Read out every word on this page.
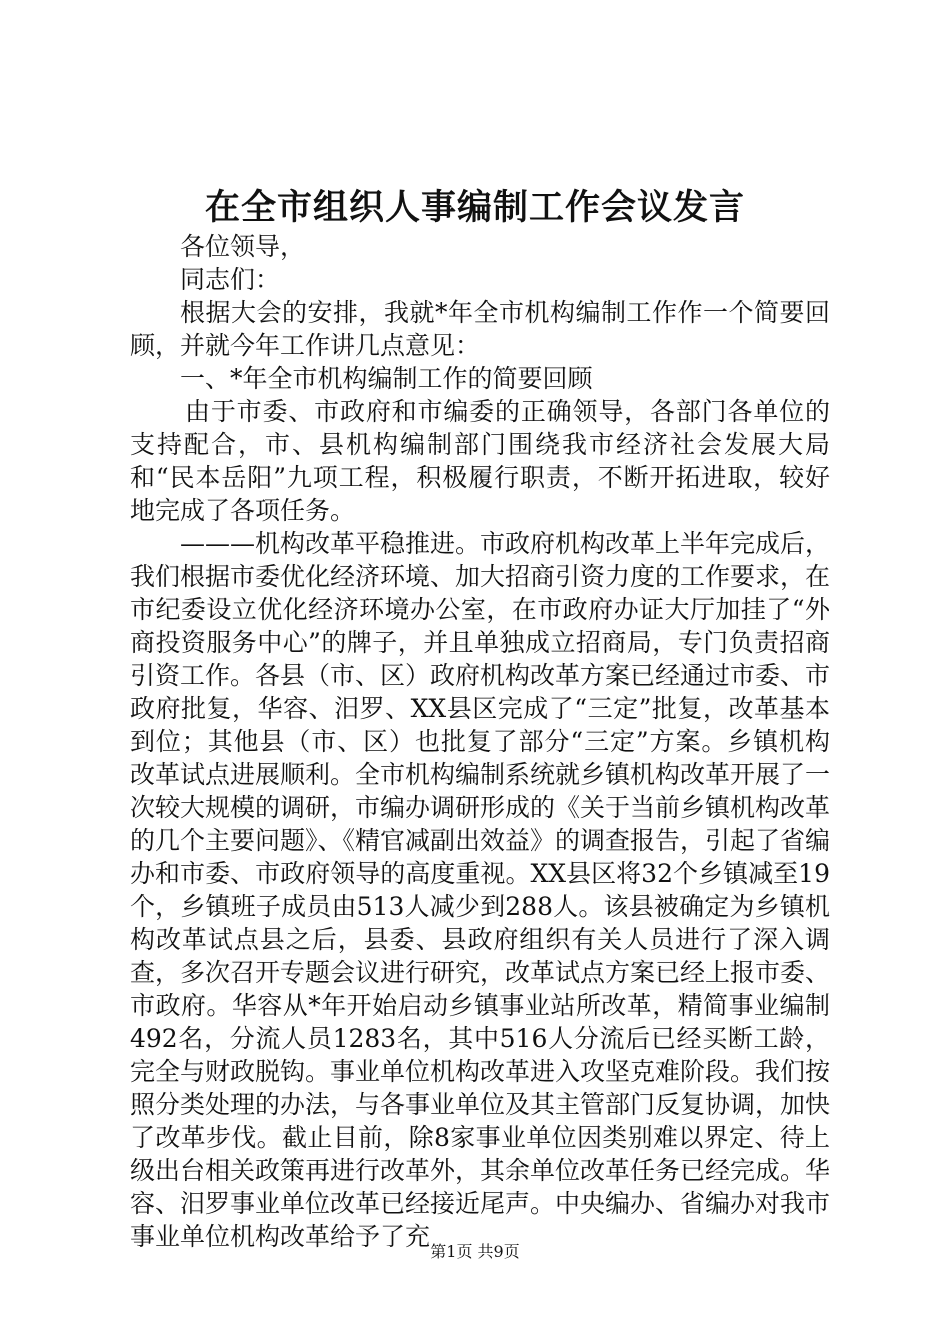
在全市组织人事编制工作会议发言

各位领导，

同志们：

根据大会的安排，我就*年全市机构编制工作作一个简要回顾，并就今年工作讲几点意见：

一、*年全市机构编制工作的简要回顾

由于市委、市政府和市编委的正确领导，各部门各单位的支持配合，市、县机构编制部门围绕我市经济社会发展大局和“民本岳阳”九项工程，积极履行职责，不断开拓进取，较好地完成了各项任务。

———机构改革平稳推进。市政府机构改革上半年完成后，我们根据市委优化经济环境、加大招商引资力度的工作要求，在市纪委设立优化经济环境办公室，在市政府办证大厅加挂了“外商投资服务中心”的牌子，并且单独成立招商局，专门负责招商引资工作。各县（市、区）政府机构改革方案已经通过市委、市政府批复，华容、汨罗、XX县区完成了“三定”批复，改革基本到位；其他县（市、区）也批复了部分“三定”方案。乡镇机构改革试点进展顺利。全市机构编制系统就乡镇机构改革开展了一次较大规模的调研，市编办调研形成的《关于当前乡镇机构改革的几个主要问题》、《精官减副出效益》的调查报告，引起了省编办和市委、市政府领导的高度重视。XX县区将32个乡镇减至19个，乡镇班子成员由513人减少到288人。该县被确定为乡镇机构改革试点县之后，县委、县政府组织有关人员进行了深入调查，多次召开专题会议进行研究，改革试点方案已经上报市委、市政府。华容从*年开始启动乡镇事业站所改革，精简事业编制492名，分流人员1283名，其中516人分流后已经买断工龄，完全与财政脱钩。事业单位机构改革进入攻坚克难阶段。我们按照分类处理的办法，与各事业单位及其主管部门反复协调，加快了改革步伐。截止目前，除8家事业单位因类别难以界定、待上级出台相关政策再进行改革外，其余单位改革任务已经完成。华容、汨罗事业单位改革已经接近尾声。中央编办、省编办对我市事业单位机构改革给予了充

第1页 共9页
